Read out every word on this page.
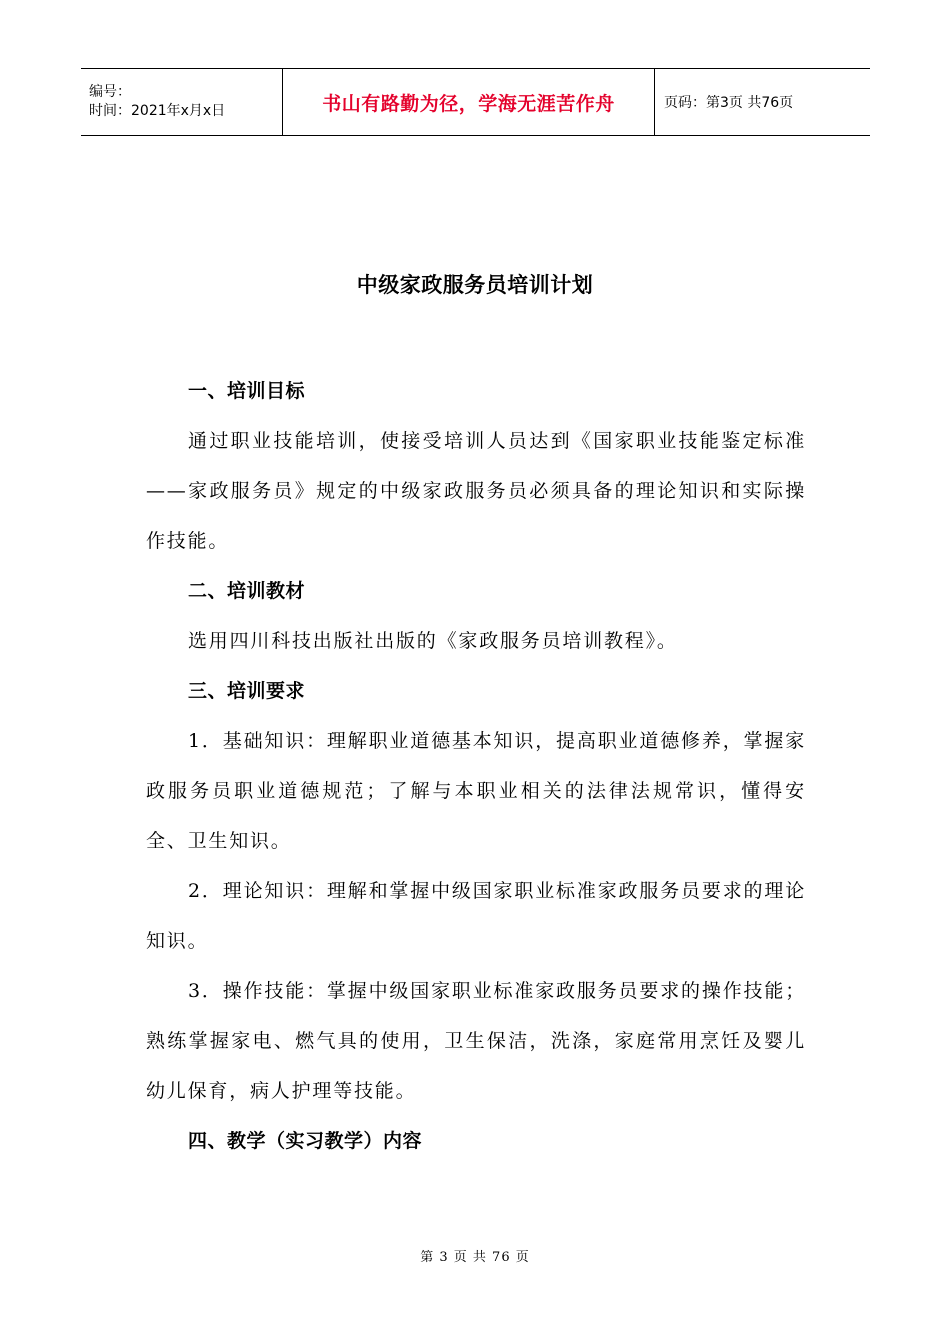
编号：
时间：2021年x月x日	书山有路勤为径，学海无涯苦作舟	页码：第3页 共76页
中级家政服务员培训计划

一、培训目标

通过职业技能培训，使接受培训人员达到《国家职业技能鉴定标准——家政服务员》规定的中级家政服务员必须具备的理论知识和实际操作技能。

二、培训教材

选用四川科技出版社出版的《家政服务员培训教程》。

三、培训要求

1．基础知识：理解职业道德基本知识，提高职业道德修养，掌握家政服务员职业道德规范；了解与本职业相关的法律法规常识，懂得安全、卫生知识。

2．理论知识：理解和掌握中级国家职业标准家政服务员要求的理论知识。

3．操作技能：掌握中级国家职业标准家政服务员要求的操作技能；熟练掌握家电、燃气具的使用，卫生保洁，洗涤，家庭常用烹饪及婴儿幼儿保育，病人护理等技能。

四、教学（实习教学）内容

第 3 页 共 76 页
